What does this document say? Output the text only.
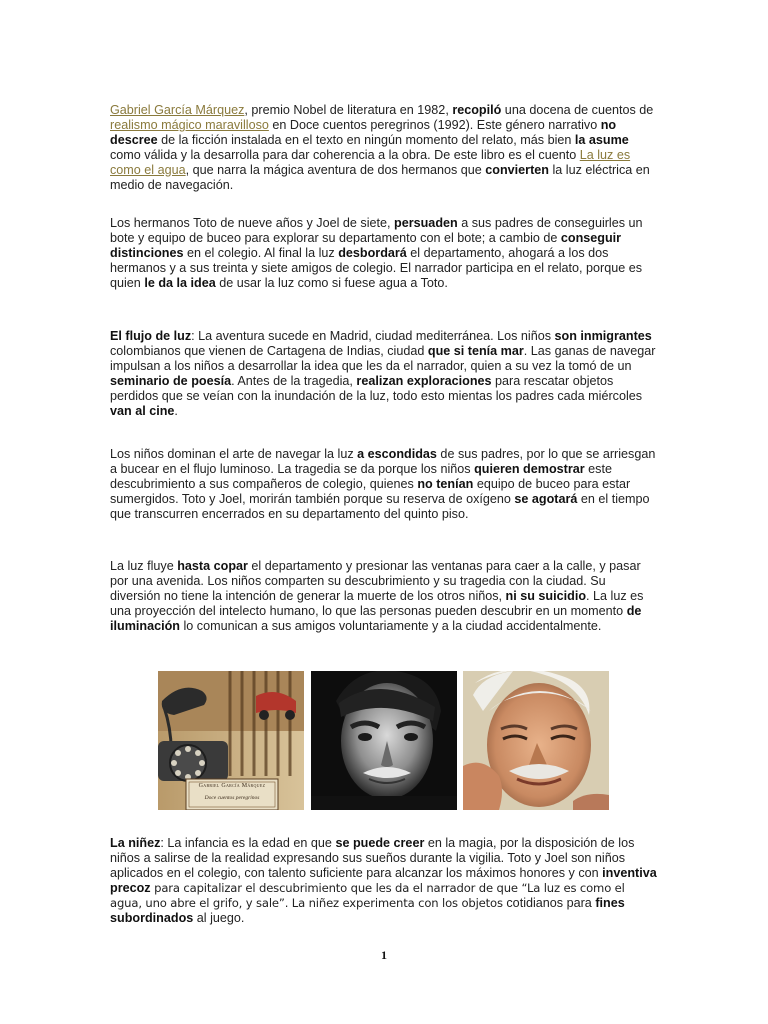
Gabriel García Márquez, premio Nobel de literatura en 1982, recopiló una docena de cuentos de realismo mágico maravilloso en Doce cuentos peregrinos (1992). Este género narrativo no descree de la ficción instalada en el texto en ningún momento del relato, más bien la asume como válida y la desarrolla para dar coherencia a la obra. De este libro es el cuento La luz es como el agua, que narra la mágica aventura de dos hermanos que convierten la luz eléctrica en medio de navegación.

Los hermanos Toto de nueve años y Joel de siete, persuaden a sus padres de conseguirles un bote y equipo de buceo para explorar su departamento con el bote; a cambio de conseguir distinciones en el colegio. Al final la luz desbordará el departamento, ahogará a los dos hermanos y a sus treinta y siete amigos de colegio. El narrador participa en el relato, porque es quien le da la idea de usar la luz como si fuese agua a Toto.

El flujo de luz: La aventura sucede en Madrid, ciudad mediterránea. Los niños son inmigrantes colombianos que vienen de Cartagena de Indias, ciudad que si tenía mar. Las ganas de navegar impulsan a los niños a desarrollar la idea que les da el narrador, quien a su vez la tomó de un seminario de poesía. Antes de la tragedia, realizan exploraciones para rescatar objetos perdidos que se veían con la inundación de la luz, todo esto mientas los padres cada miércoles van al cine.

Los niños dominan el arte de navegar la luz a escondidas de sus padres, por lo que se arriesgan a bucear en el flujo luminoso. La tragedia se da porque los niños quieren demostrar este descubrimiento a sus compañeros de colegio, quienes no tenían equipo de buceo para estar sumergidos. Toto y Joel, morirán también porque su reserva de oxígeno se agotará en el tiempo que transcurren encerrados en su departamento del quinto piso.

La luz fluye hasta copar el departamento y presionar las ventanas para caer a la calle, y pasar por una avenida. Los niños comparten su descubrimiento y su tragedia con la ciudad. Su diversión no tiene la intención de generar la muerte de los otros niños, ni su suicidio. La luz es una proyección del intelecto humano, lo que las personas pueden descubrir en un momento de iluminación lo comunican a sus amigos voluntariamente y a la ciudad accidentalmente.

Gabriel García Márquez
Doce cuentos peregrinos

La niñez: La infancia es la edad en que se puede creer en la magia, por la disposición de los niños a salirse de la realidad expresando sus sueños durante la vigilia. Toto y Joel son niños aplicados en el colegio, con talento suficiente para alcanzar los máximos honores y con inventiva precoz para capitalizar el descubrimiento que les da el narrador de que “La luz es como el agua, uno abre el grifo, y sale”. La niñez experimenta con los objetos cotidianos para fines subordinados al juego.

1
